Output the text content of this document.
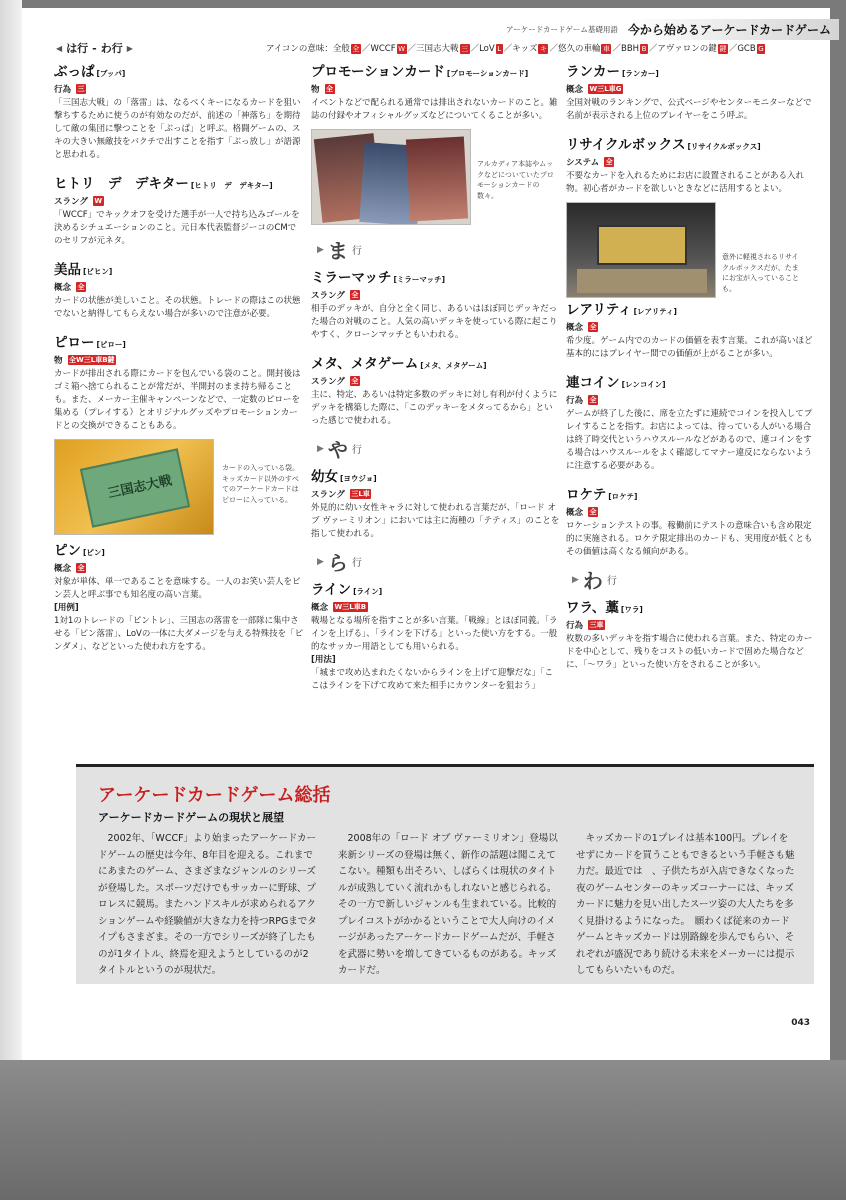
アーケードカードゲーム基礎用語 今から始めるアーケードカードゲーム
◀ は行 - わ行 ▶	アイコンの意味：全般 全 ／WCCF W ／三国志大戦 三 ／LoV L ／キッズ キ ／悠久の車輪 車 ／BBH B ／アヴァロンの鍵 鍵 ／GCB G
ぶっぱ [ブッパ]
行為 三
「三国志大戦」の「落雷」は、なるべくキーになるカードを狙い撃ちするために使うのが有効なのだが、前述の「神落ち」を期待して敵の集団に撃つことを「ぶっぱ」と呼ぶ。格闘ゲームの、スキの大きい無敵技をバクチで出すことを指す「ぶっ放し」が語源と思われる。
ヒトリ　デ　デキター [ヒトリ　デ　デキター]
スラング W
「WCCF」でキックオフを受けた選手が一人で持ち込みゴールを決めるシチュエーションのこと。元日本代表監督ジーコのCMでのセリフが元ネタ。
美品 [ビヒン]
概念 全
カードの状態が美しいこと。その状態。トレードの際はこの状態でないと納得してもらえない場合が多いので注意が必要。
ピロー [ピロー]
物 全W三L車B鍵
カードが排出される際にカードを包んでいる袋のこと。開封後はゴミ箱へ捨てられることが常だが、半開封のまま持ち帰ることも。また、メーカー主催キャンペーンなどで、一定数のピローを集める（プレイする）とオリジナルグッズやプロモーションカードとの交換ができることもある。
三国志大戦
カードの入っている袋。キッズカード以外のすべてのアーケードカードはピローに入っている。
ピン [ピン]
概念 全
対象が単体、単一であることを意味する。一人のお笑い芸人をピン芸人と呼ぶ事でも知名度の高い言葉。
[用例]
1対1のトレードの「ピントレ」、三国志の落雷を一部隊に集中させる「ピン落雷」、LoVの一体に大ダメージを与える特殊技を「ピンダメ」、などといった使われ方をする。
プロモーションカード [プロモーションカード]
物 全
イベントなどで配られる通常では排出されないカードのこと。雑誌の付録やオフィシャルグッズなどについてくることが多い。
アルカディア本誌やムックなどについていたプロモーションカードの数々。
▶ ま 行
ミラーマッチ [ミラーマッチ]
スラング 全
相手のデッキが、自分と全く同じ、あるいはほぼ同じデッキだった場合の対戦のこと。人気の高いデッキを使っている際に起こりやすく、クローンマッチともいわれる。
メタ、メタゲーム [メタ、メタゲーム]
スラング 全
主に、特定、あるいは特定多数のデッキに対し有利が付くようにデッキを構築した際に、「このデッキーをメタってるから」といった感じで使われる。
▶ や 行
幼女 [ヨウジョ]
スラング 三L車
外見的に幼い女性キャラに対して使われる言葉だが、「ロード オブ ヴァーミリオン」においては主に海種の「テティス」のことを指して使われる。
▶ ら 行
ライン [ライン]
概念 W三L車B
戦場となる場所を指すことが多い言葉。「戦線」とほぼ同義。「ラインを上げる」、「ラインを下げる」といった使い方をする。一般的なサッカー用語としても用いられる。
[用法]
「城まで攻め込まれたくないからラインを上げて迎撃だな」「ここはラインを下げて攻めて来た相手にカウンターを狙おう」
ランカー [ランカー]
概念 W三L車G
全国対戦のランキングで、公式ページやセンターモニターなどで名前が表示される上位のプレイヤーをこう呼ぶ。
リサイクルボックス [リサイクルボックス]
システム 全
不要なカードを入れるためにお店に設置されることがある入れ物。初心者がカードを欲しいときなどに活用するとよい。
意外に軽視されるリサイクルボックスだが、たまにお宝が入っていることも。
レアリティ [レアリティ]
概念 全
希少度。ゲーム内でのカードの価値を表す言葉。これが高いほど基本的にはプレイヤー間での価値が上がることが多い。
連コイン [レンコイン]
行為 全
ゲームが終了した後に、席を立たずに連続でコインを投入してプレイすることを指す。お店によっては、待っている人がいる場合は終了時交代というハウスルールなどがあるので、連コインをする場合はハウスルールをよく確認してマナー違反にならないように注意する必要がある。
ロケテ [ロケテ]
概念 全
ロケーションテストの事。稼働前にテストの意味合いも含め限定的に実施される。ロケテ限定排出のカードも、実用度が低くともその価値は高くなる傾向がある。
▶ わ 行
ワラ、藁 [ワラ]
行為 三車
枚数の多いデッキを指す場合に使われる言葉。また、特定のカードを中心として、残りをコストの低いカードで固めた場合などに、「〜ワラ」といった使い方をされることが多い。
アーケードカードゲーム総括
アーケードカードゲームの現状と展望
2002年、「WCCF」より始まったアーケードカードゲームの歴史は今年、8年目を迎える。これまでにあまたのゲーム、さまざまなジャンルのシリーズが登場した。スポーツだけでもサッカーに野球、プロレスに競馬。またハンドスキルが求められるアクションゲームや経験値が大きな力を持つRPGまでタイプもさまざま。その一方でシリーズが終了したものが1タイトル、終焉を迎えようとしているのが2タイトルというのが現状だ。
2008年の「ロード オブ ヴァーミリオン」登場以来新シリーズの登場は無く、新作の話題は聞こえてこない。種類も出そろい、しばらくは現状のタイトルが成熟していく流れかもしれないと感じられる。その一方で新しいジャンルも生まれている。比較的プレイコストがかかるということで大人向けのイメージがあったアーケードカードゲームだが、手軽さを武器に勢いを増してきているものがある。キッズカードだ。
キッズカードの1プレイは基本100円。プレイをせずにカードを買うこともできるという手軽さも魅力だ。最近では　、子供たちが入店できなくなった夜のゲームセンターのキッズコーナーには、キッズカードに魅力を見い出したスーツ姿の大人たちを多く見掛けるようになった。　願わくば従来のカードゲームとキッズカードは別路線を歩んでもらい、それぞれが盛況であり続ける未来をメーカーには提示してもらいたいものだ。
043
